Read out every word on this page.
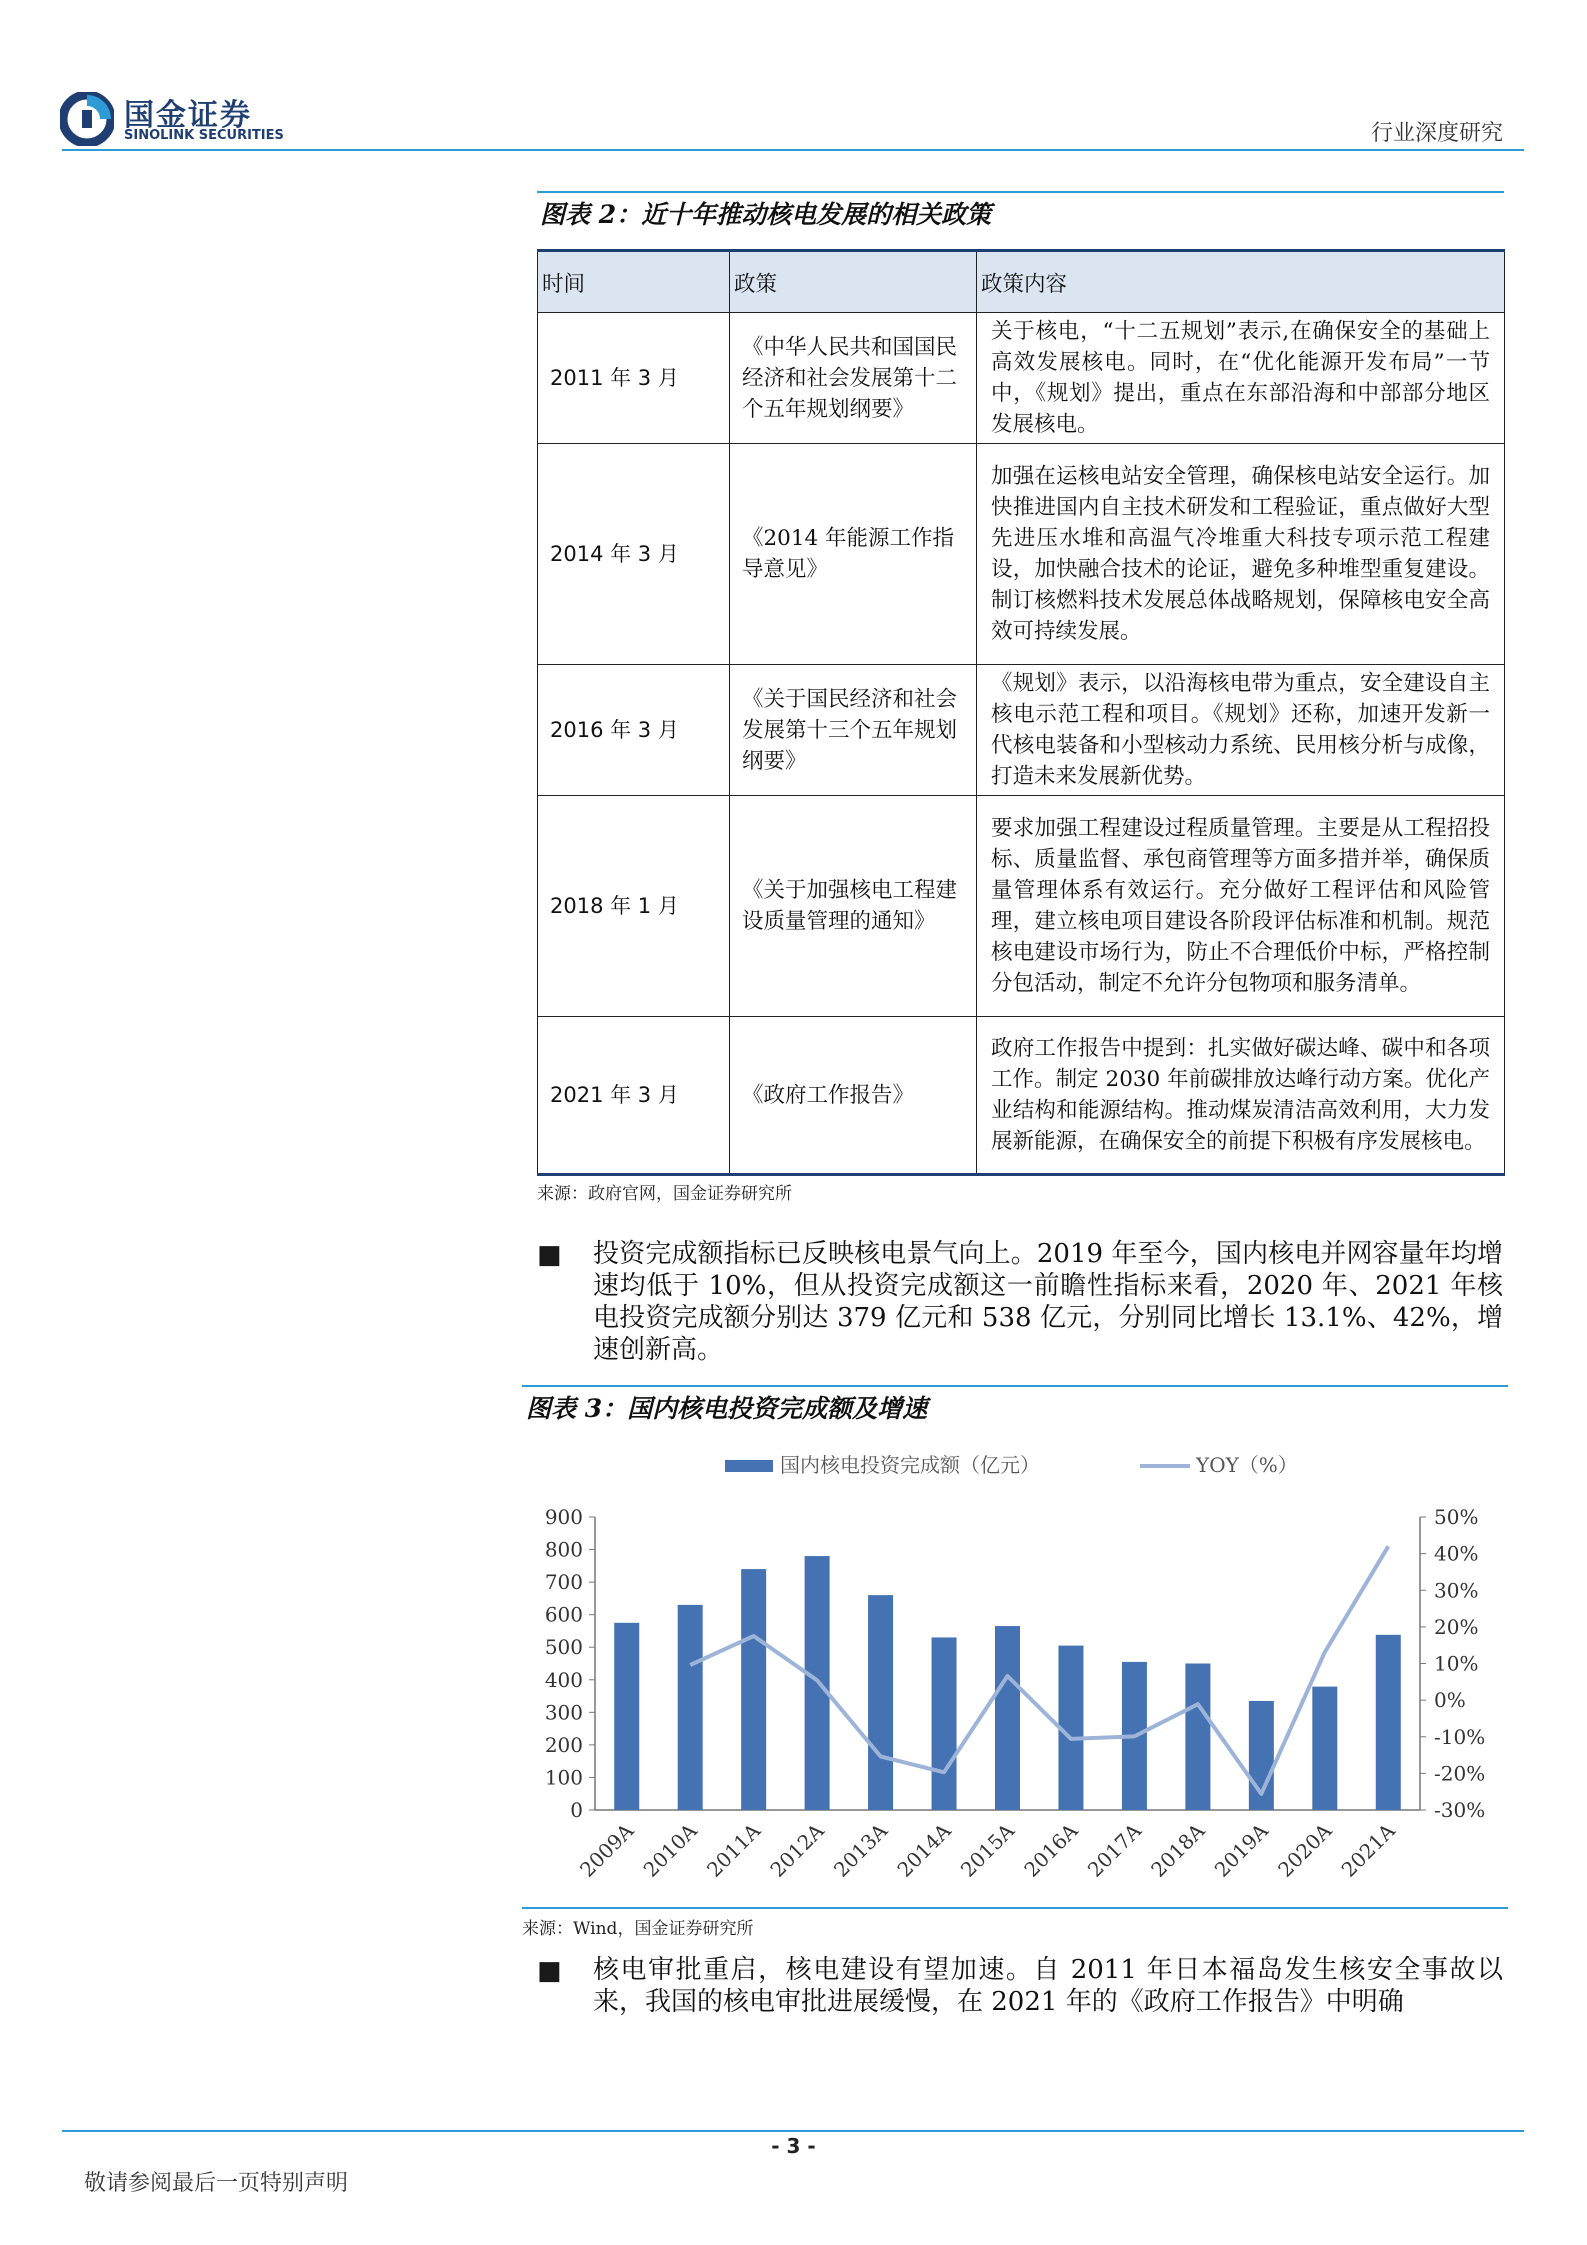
国金证券
SINOLINK SECURITIES	行业深度研究
图表 2：近十年推动核电发展的相关政策
时间	政策	政策内容
2011 年 3 月	《中华人民共和国国民经济和社会发展第十二个五年规划纲要》	关于核电，“十二五规划”表示,在确保安全的基础上高效发展核电。同时，在“优化能源开发布局”一节中，《规划》提出，重点在东部沿海和中部部分地区发展核电。
2014 年 3 月	《2014 年能源工作指导意见》	加强在运核电站安全管理，确保核电站安全运行。加快推进国内自主技术研发和工程验证，重点做好大型先进压水堆和高温气冷堆重大科技专项示范工程建设，加快融合技术的论证，避免多种堆型重复建设。制订核燃料技术发展总体战略规划，保障核电安全高效可持续发展。
2016 年 3 月	《关于国民经济和社会发展第十三个五年规划纲要》	《规划》表示，以沿海核电带为重点，安全建设自主核电示范工程和项目。《规划》还称，加速开发新一代核电装备和小型核动力系统、民用核分析与成像，打造未来发展新优势。
2018 年 1 月	《关于加强核电工程建设质量管理的通知》	要求加强工程建设过程质量管理。主要是从工程招投标、质量监督、承包商管理等方面多措并举，确保质量管理体系有效运行。充分做好工程评估和风险管理，建立核电项目建设各阶段评估标准和机制。规范核电建设市场行为，防止不合理低价中标，严格控制分包活动，制定不允许分包物项和服务清单。
2021 年 3 月	《政府工作报告》	政府工作报告中提到：扎实做好碳达峰、碳中和各项工作。制定 2030 年前碳排放达峰行动方案。优化产业结构和能源结构。推动煤炭清洁高效利用，大力发展新能源，在确保安全的前提下积极有序发展核电。
来源：政府官网，国金证券研究所
■ 投资完成额指标已反映核电景气向上。2019 年至今，国内核电并网容量年均增速均低于 10%，但从投资完成额这一前瞻性指标来看，2020 年、2021 年核电投资完成额分别达 379 亿元和 538 亿元，分别同比增长 13.1%、42%，增速创新高。
图表 3：国内核电投资完成额及增速
国内核电投资完成额（亿元）	YOY（%）
0
100
200
300
400
500
600
700
800
900
-30%
-20%
-10%
0%
10%
20%
30%
40%
50%
2009A 2010A 2011A 2012A 2013A 2014A 2015A 2016A 2017A 2018A 2019A 2020A 2021A
来源：Wind，国金证券研究所
■ 核电审批重启，核电建设有望加速。自 2011 年日本福岛发生核安全事故以来，我国的核电审批进展缓慢，在 2021 年的《政府工作报告》中明确
- 3 -
敬请参阅最后一页特别声明
